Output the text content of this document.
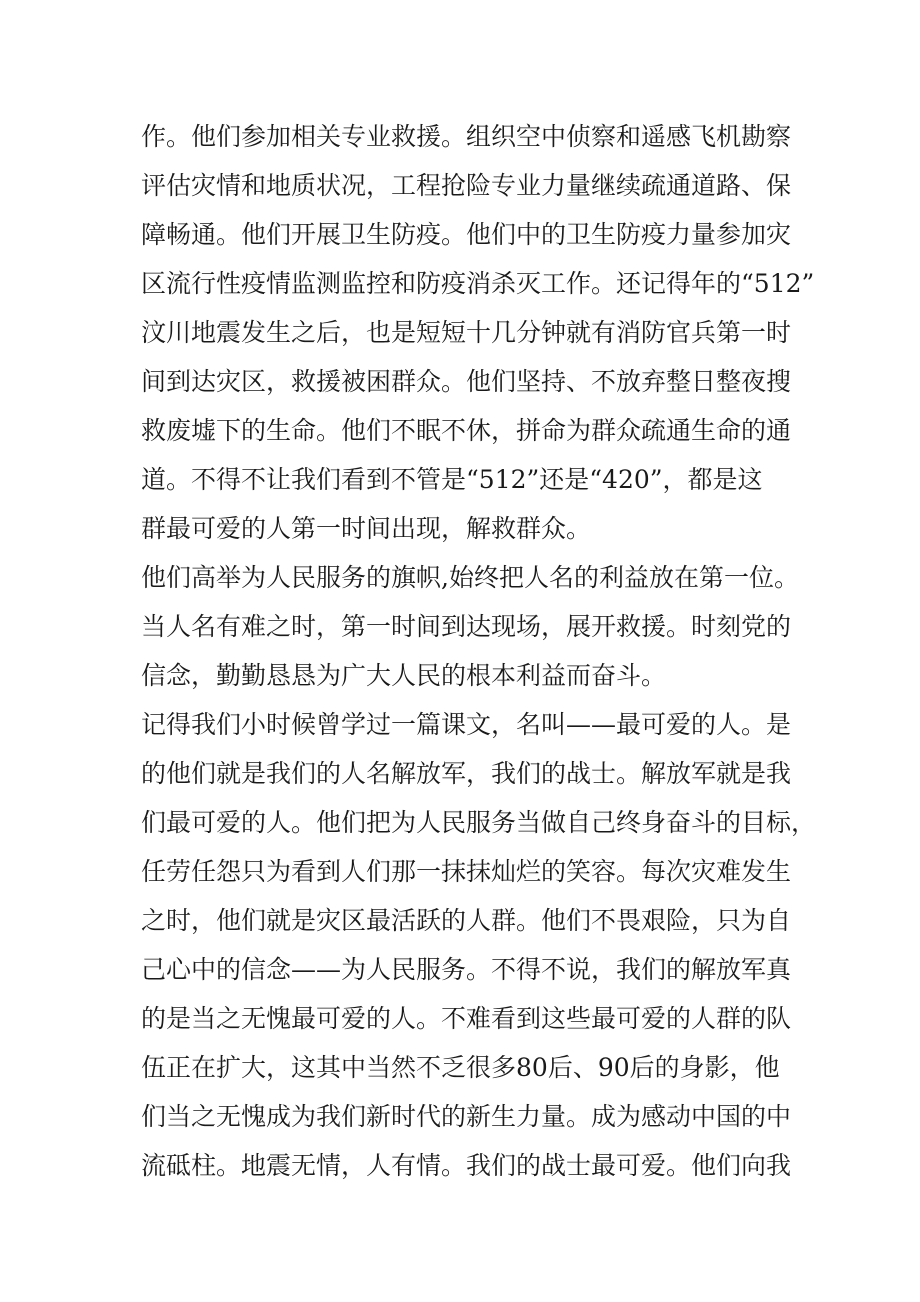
作。他们参加相关专业救援。组织空中侦察和遥感飞机勘察
评估灾情和地质状况，工程抢险专业力量继续疏通道路、保
障畅通。他们开展卫生防疫。他们中的卫生防疫力量参加灾
区流行性疫情监测监控和防疫消杀灭工作。还记得年的“512”
汶川地震发生之后，也是短短十几分钟就有消防官兵第一时
间到达灾区，救援被困群众。他们坚持、不放弃整日整夜搜
救废墟下的生命。他们不眠不休，拼命为群众疏通生命的通
道。不得不让我们看到不管是“512”还是“420”，都是这
群最可爱的人第一时间出现，解救群众。
他们高举为人民服务的旗帜,始终把人名的利益放在第一位。
当人名有难之时，第一时间到达现场，展开救援。时刻党的
信念，勤勤恳恳为广大人民的根本利益而奋斗。
记得我们小时候曾学过一篇课文，名叫——最可爱的人。是
的他们就是我们的人名解放军，我们的战士。解放军就是我
们最可爱的人。他们把为人民服务当做自己终身奋斗的目标，
任劳任怨只为看到人们那一抹抹灿烂的笑容。每次灾难发生
之时，他们就是灾区最活跃的人群。他们不畏艰险，只为自
己心中的信念——为人民服务。不得不说，我们的解放军真
的是当之无愧最可爱的人。不难看到这些最可爱的人群的队
伍正在扩大，这其中当然不乏很多80后、90后的身影，他
们当之无愧成为我们新时代的新生力量。成为感动中国的中
流砥柱。地震无情，人有情。我们的战士最可爱。他们向我
